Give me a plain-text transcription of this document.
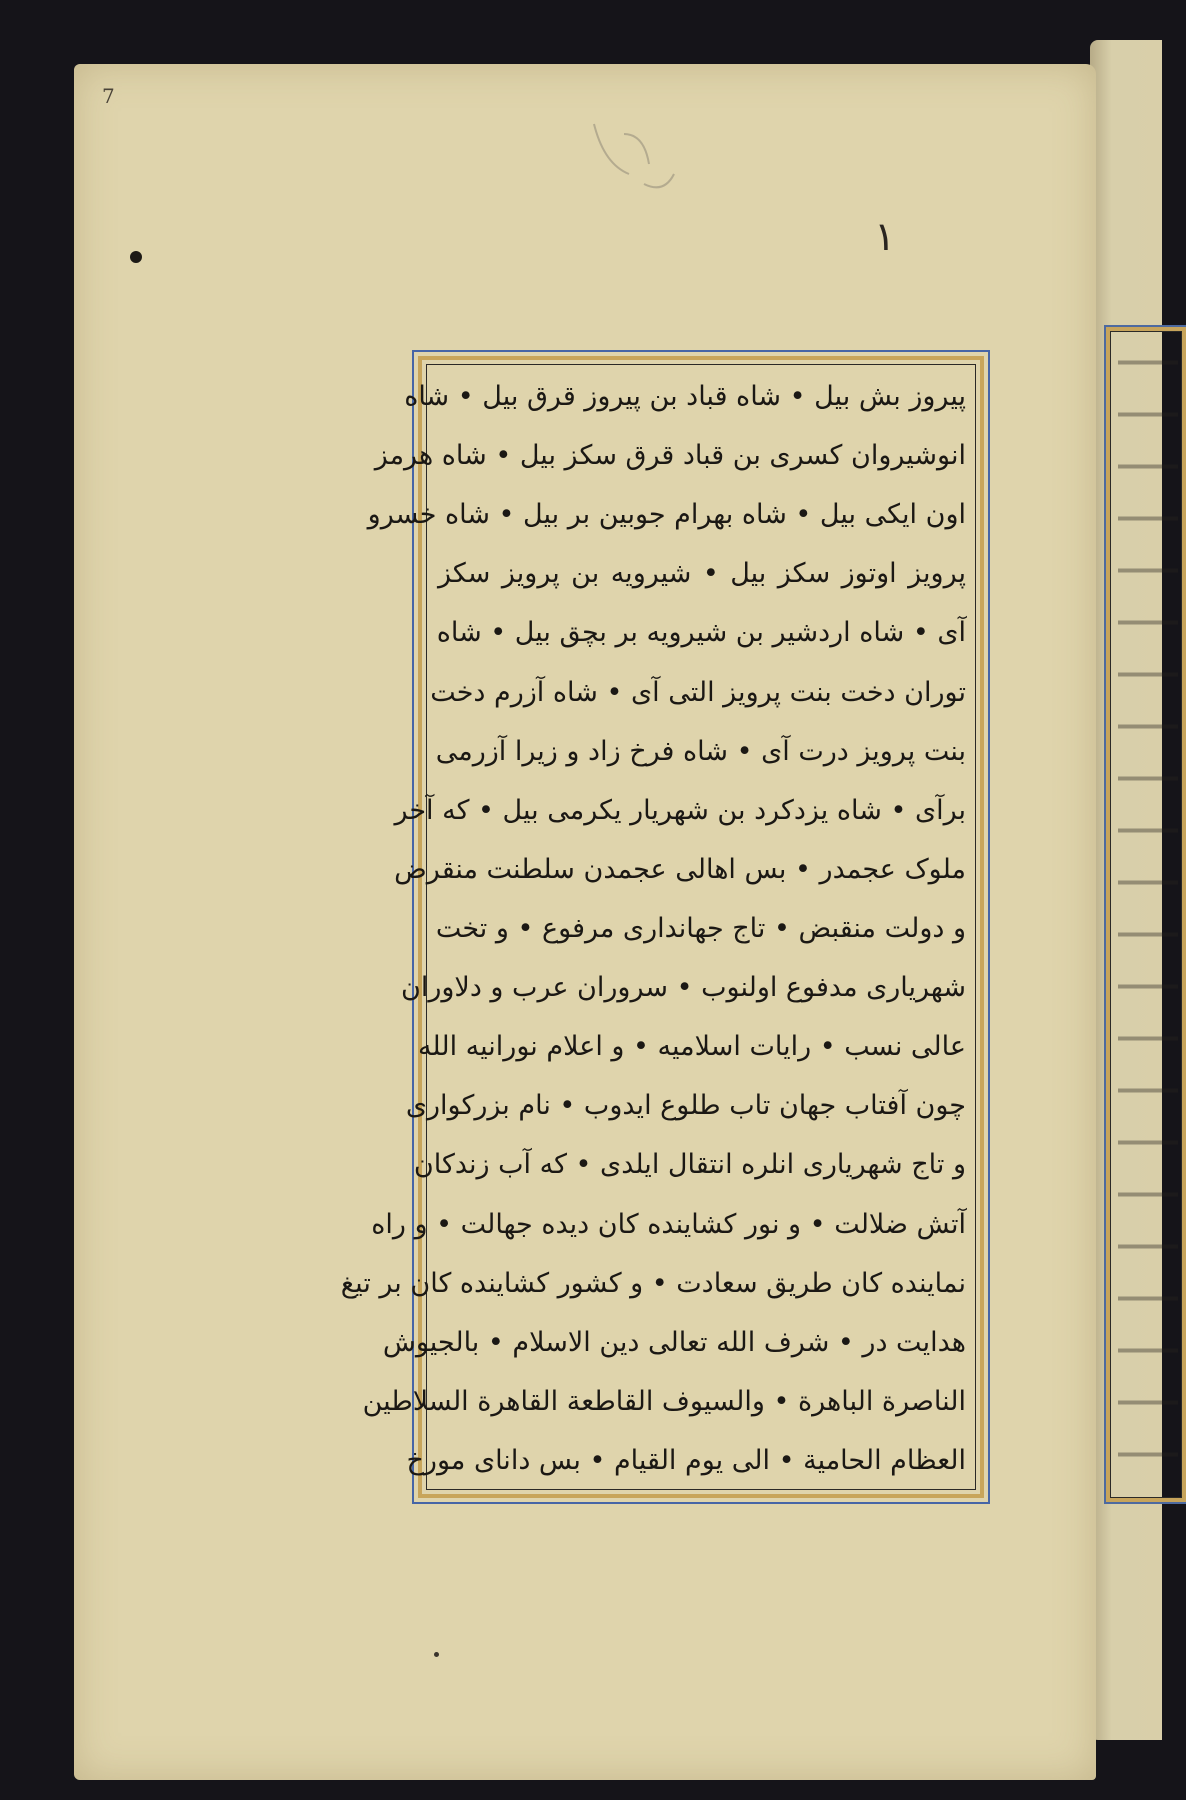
7
١
پیروز بش بیل • شاه قباد بن پیروز قرق بیل • شاه
انوشیروان کسری بن قباد قرق سکز بیل • شاه هرمز
اون ایکی بیل • شاه بهرام جوبین بر بیل • شاه خسرو
پرویز اوتوز سکز بیل • شیرویه بن پرویز سکز
آی • شاه اردشیر بن شیرویه بر بچق بیل • شاه
توران دخت بنت پرویز التی آی • شاه آزرم دخت
بنت پرویز درت آی • شاه فرخ زاد و زیرا آزرمی
برآی • شاه یزدکرد بن شهریار یکرمی بیل • که آخر
ملوک عجمدر • بس اهالی عجمدن سلطنت منقرض
و دولت منقبض • تاج جهانداری مرفوع • و تخت
شهریاری مدفوع اولنوب • سروران عرب و دلاوران
عالی نسب • رایات اسلامیه • و اعلام نورانیه الله
چون آفتاب جهان تاب طلوع ایدوب • نام بزرکواری
و تاج شهریاری انلره انتقال ایلدی • که آب زندکان
آتش ضلالت • و نور کشاینده کان دیده جهالت • و راه
نماینده کان طریق سعادت • و کشور کشاینده کان بر تیغ
هدایت در • شرف الله تعالی دین الاسلام • بالجیوش
الناصرة الباهرة • والسیوف القاطعة القاهرة السلاطین
العظام الحامیة • الی یوم القیام • بس دانای مورخ
